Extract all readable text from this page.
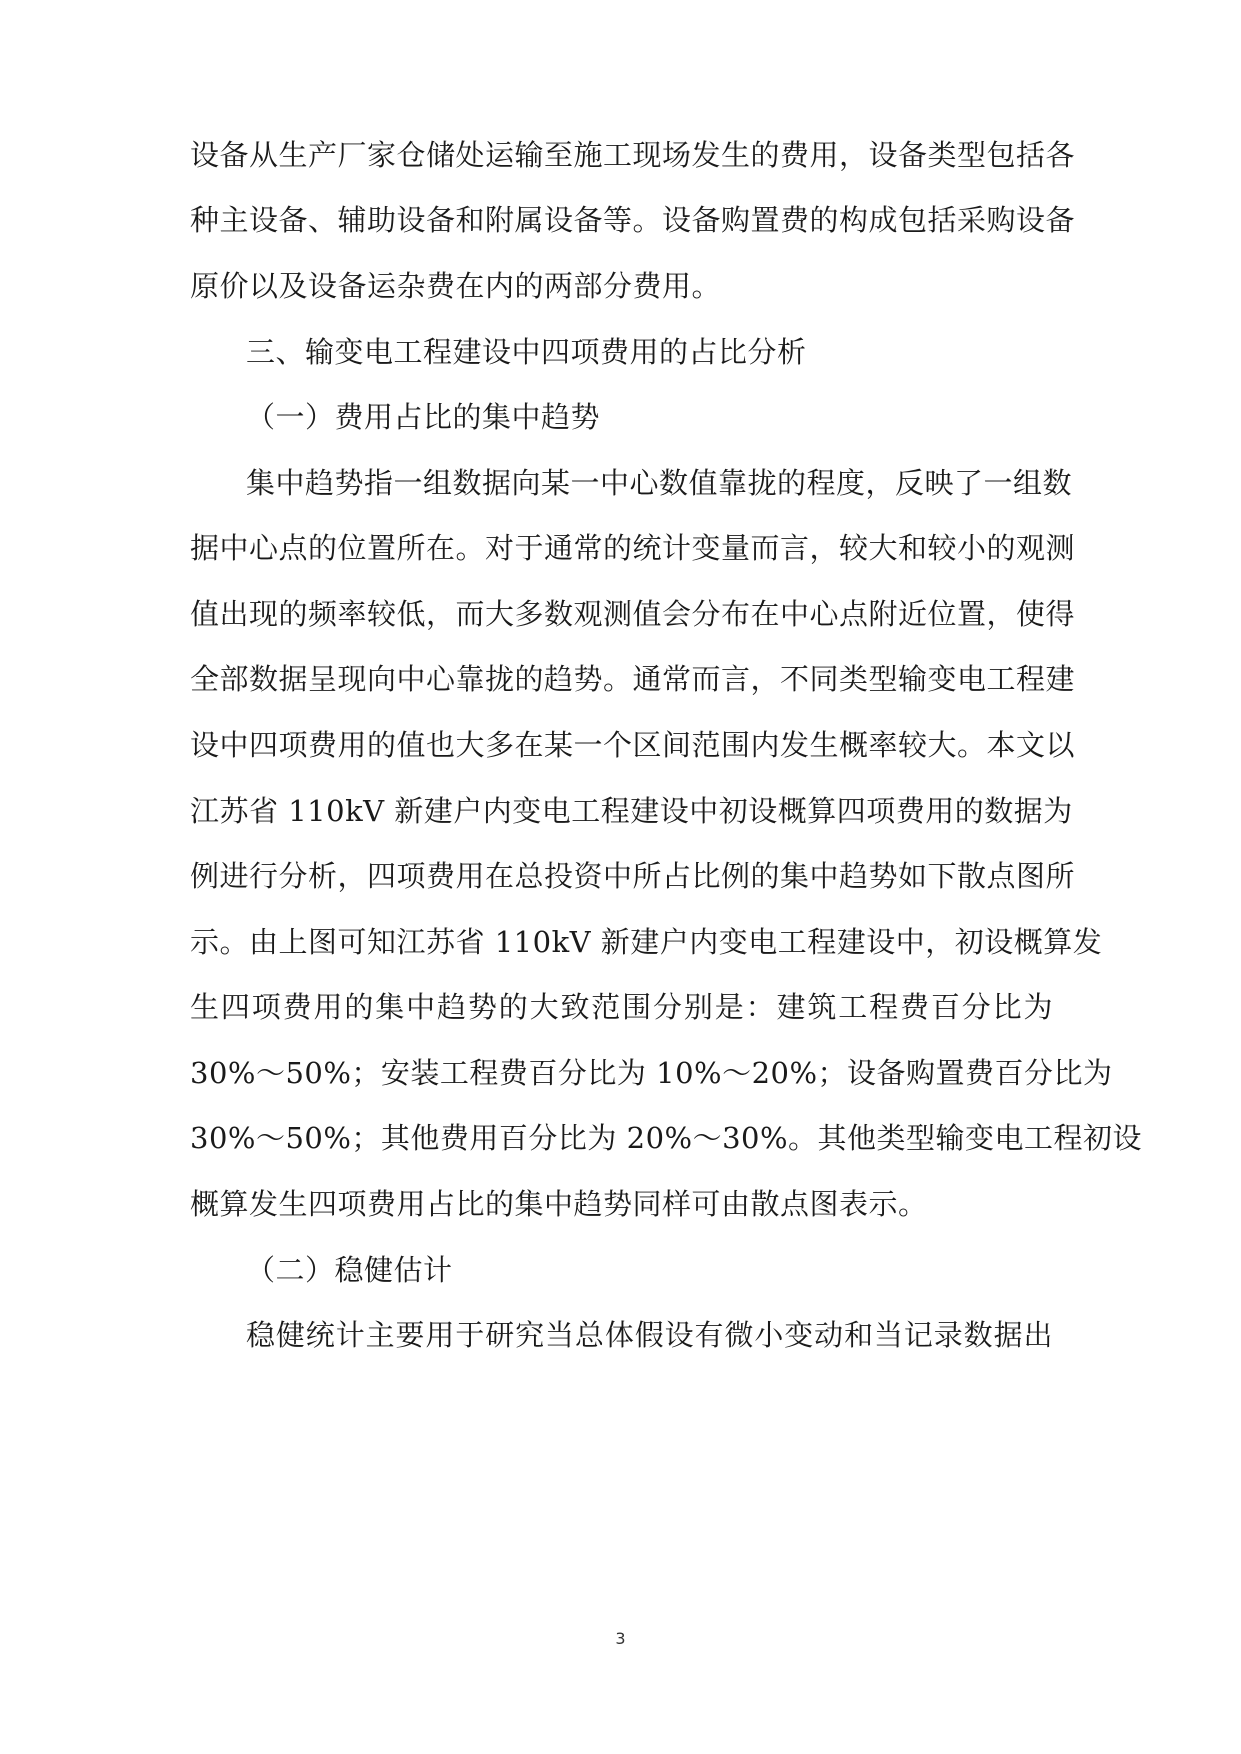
设备从生产厂家仓储处运输至施工现场发生的费用，设备类型包括各
种主设备、辅助设备和附属设备等。设备购置费的构成包括采购设备
原价以及设备运杂费在内的两部分费用。
三、输变电工程建设中四项费用的占比分析
（一）费用占比的集中趋势
集中趋势指一组数据向某一中心数值靠拢的程度，反映了一组数
据中心点的位置所在。对于通常的统计变量而言，较大和较小的观测
值出现的频率较低，而大多数观测值会分布在中心点附近位置，使得
全部数据呈现向中心靠拢的趋势。通常而言，不同类型输变电工程建
设中四项费用的值也大多在某一个区间范围内发生概率较大。本文以
江苏省 110kV 新建户内变电工程建设中初设概算四项费用的数据为
例进行分析，四项费用在总投资中所占比例的集中趋势如下散点图所
示。由上图可知江苏省 110kV 新建户内变电工程建设中，初设概算发
生四项费用的集中趋势的大致范围分别是：建筑工程费百分比为
30%～50%；安装工程费百分比为 10%～20%；设备购置费百分比为
30%～50%；其他费用百分比为 20%～30%。其他类型输变电工程初设
概算发生四项费用占比的集中趋势同样可由散点图表示。
（二）稳健估计
稳健统计主要用于研究当总体假设有微小变动和当记录数据出
3
